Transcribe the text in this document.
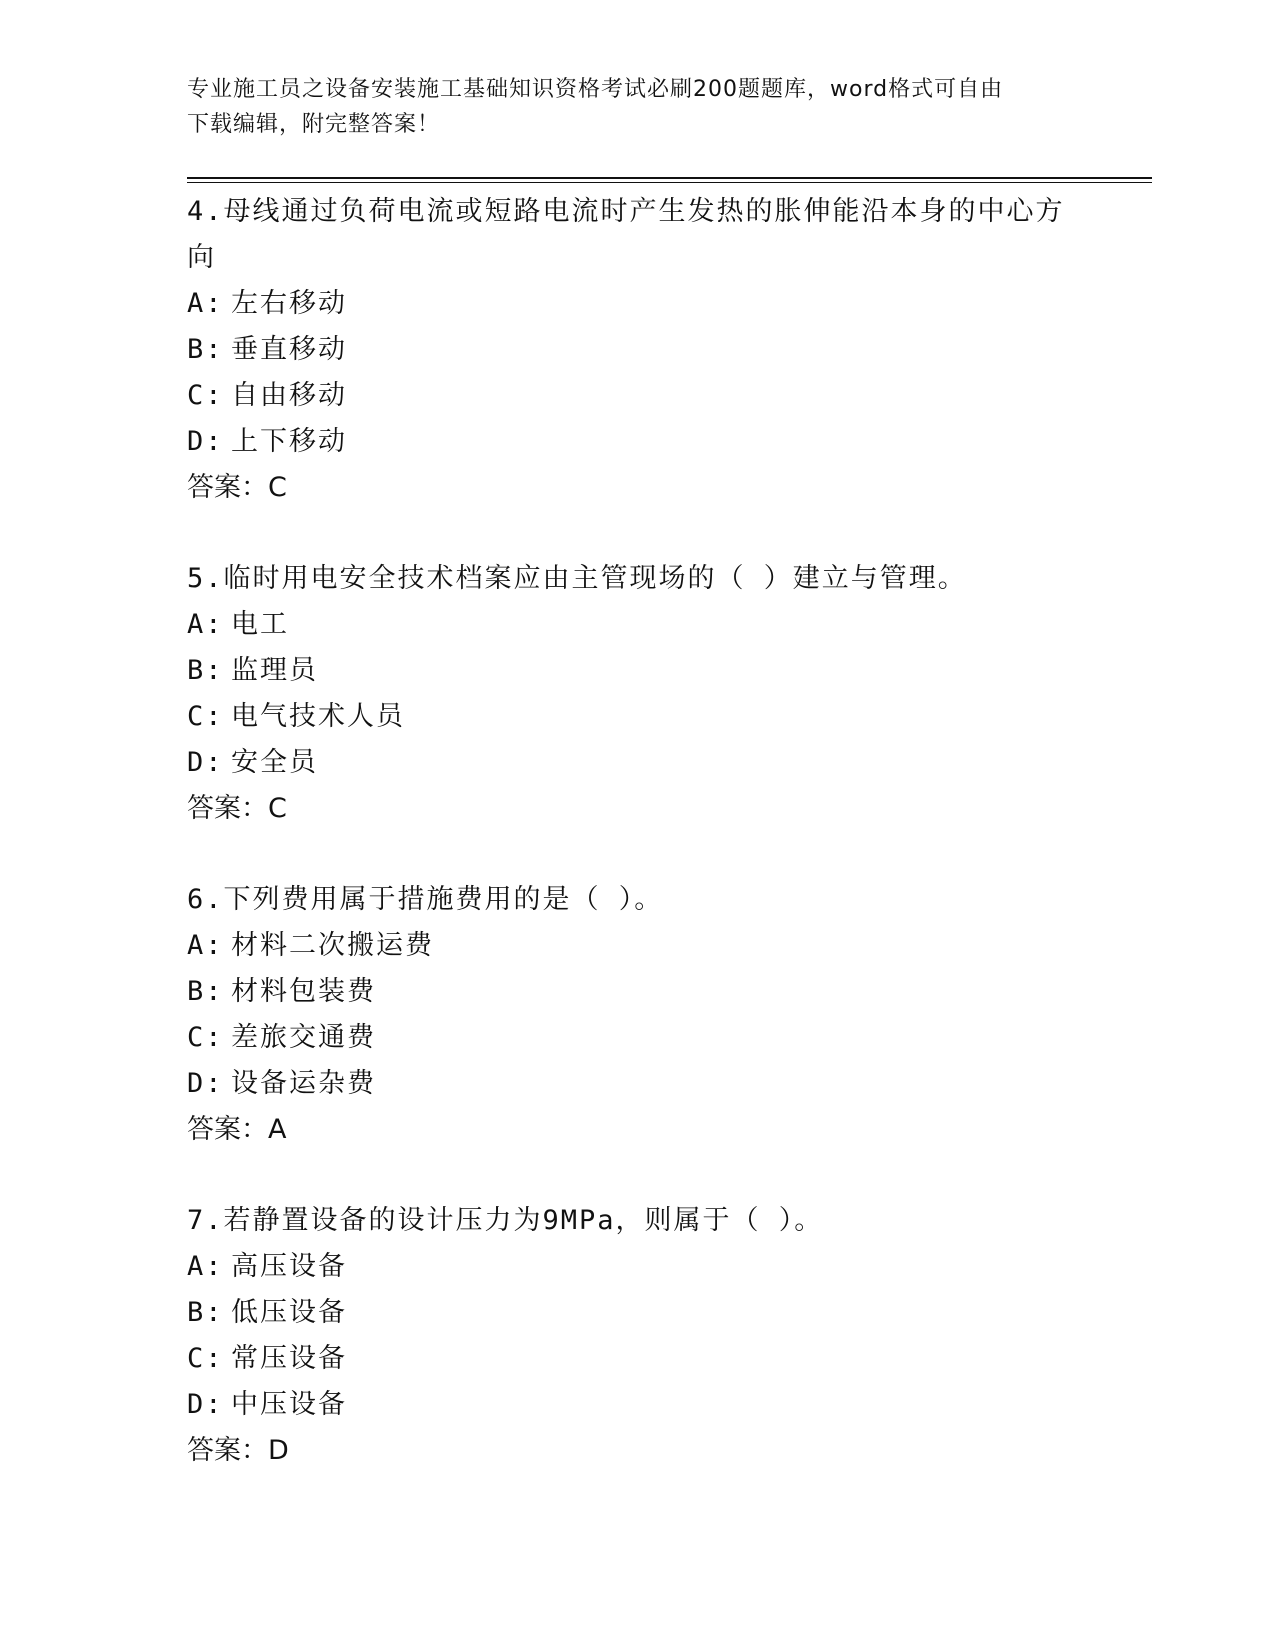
专业施工员之设备安装施工基础知识资格考试必刷200题题库，word格式可自由
下载编辑，附完整答案！
4.母线通过负荷电流或短路电流时产生发热的胀伸能沿本身的中心方
向
A: 左右移动
B: 垂直移动
C: 自由移动
D: 上下移动
答案：C
5.临时用电安全技术档案应由主管现场的（ ）建立与管理。
A: 电工
B: 监理员
C: 电气技术人员
D: 安全员
答案：C
6.下列费用属于措施费用的是（ ）。
A: 材料二次搬运费
B: 材料包装费
C: 差旅交通费
D: 设备运杂费
答案：A
7.若静置设备的设计压力为9MPa，则属于（ ）。
A: 高压设备
B: 低压设备
C: 常压设备
D: 中压设备
答案：D
